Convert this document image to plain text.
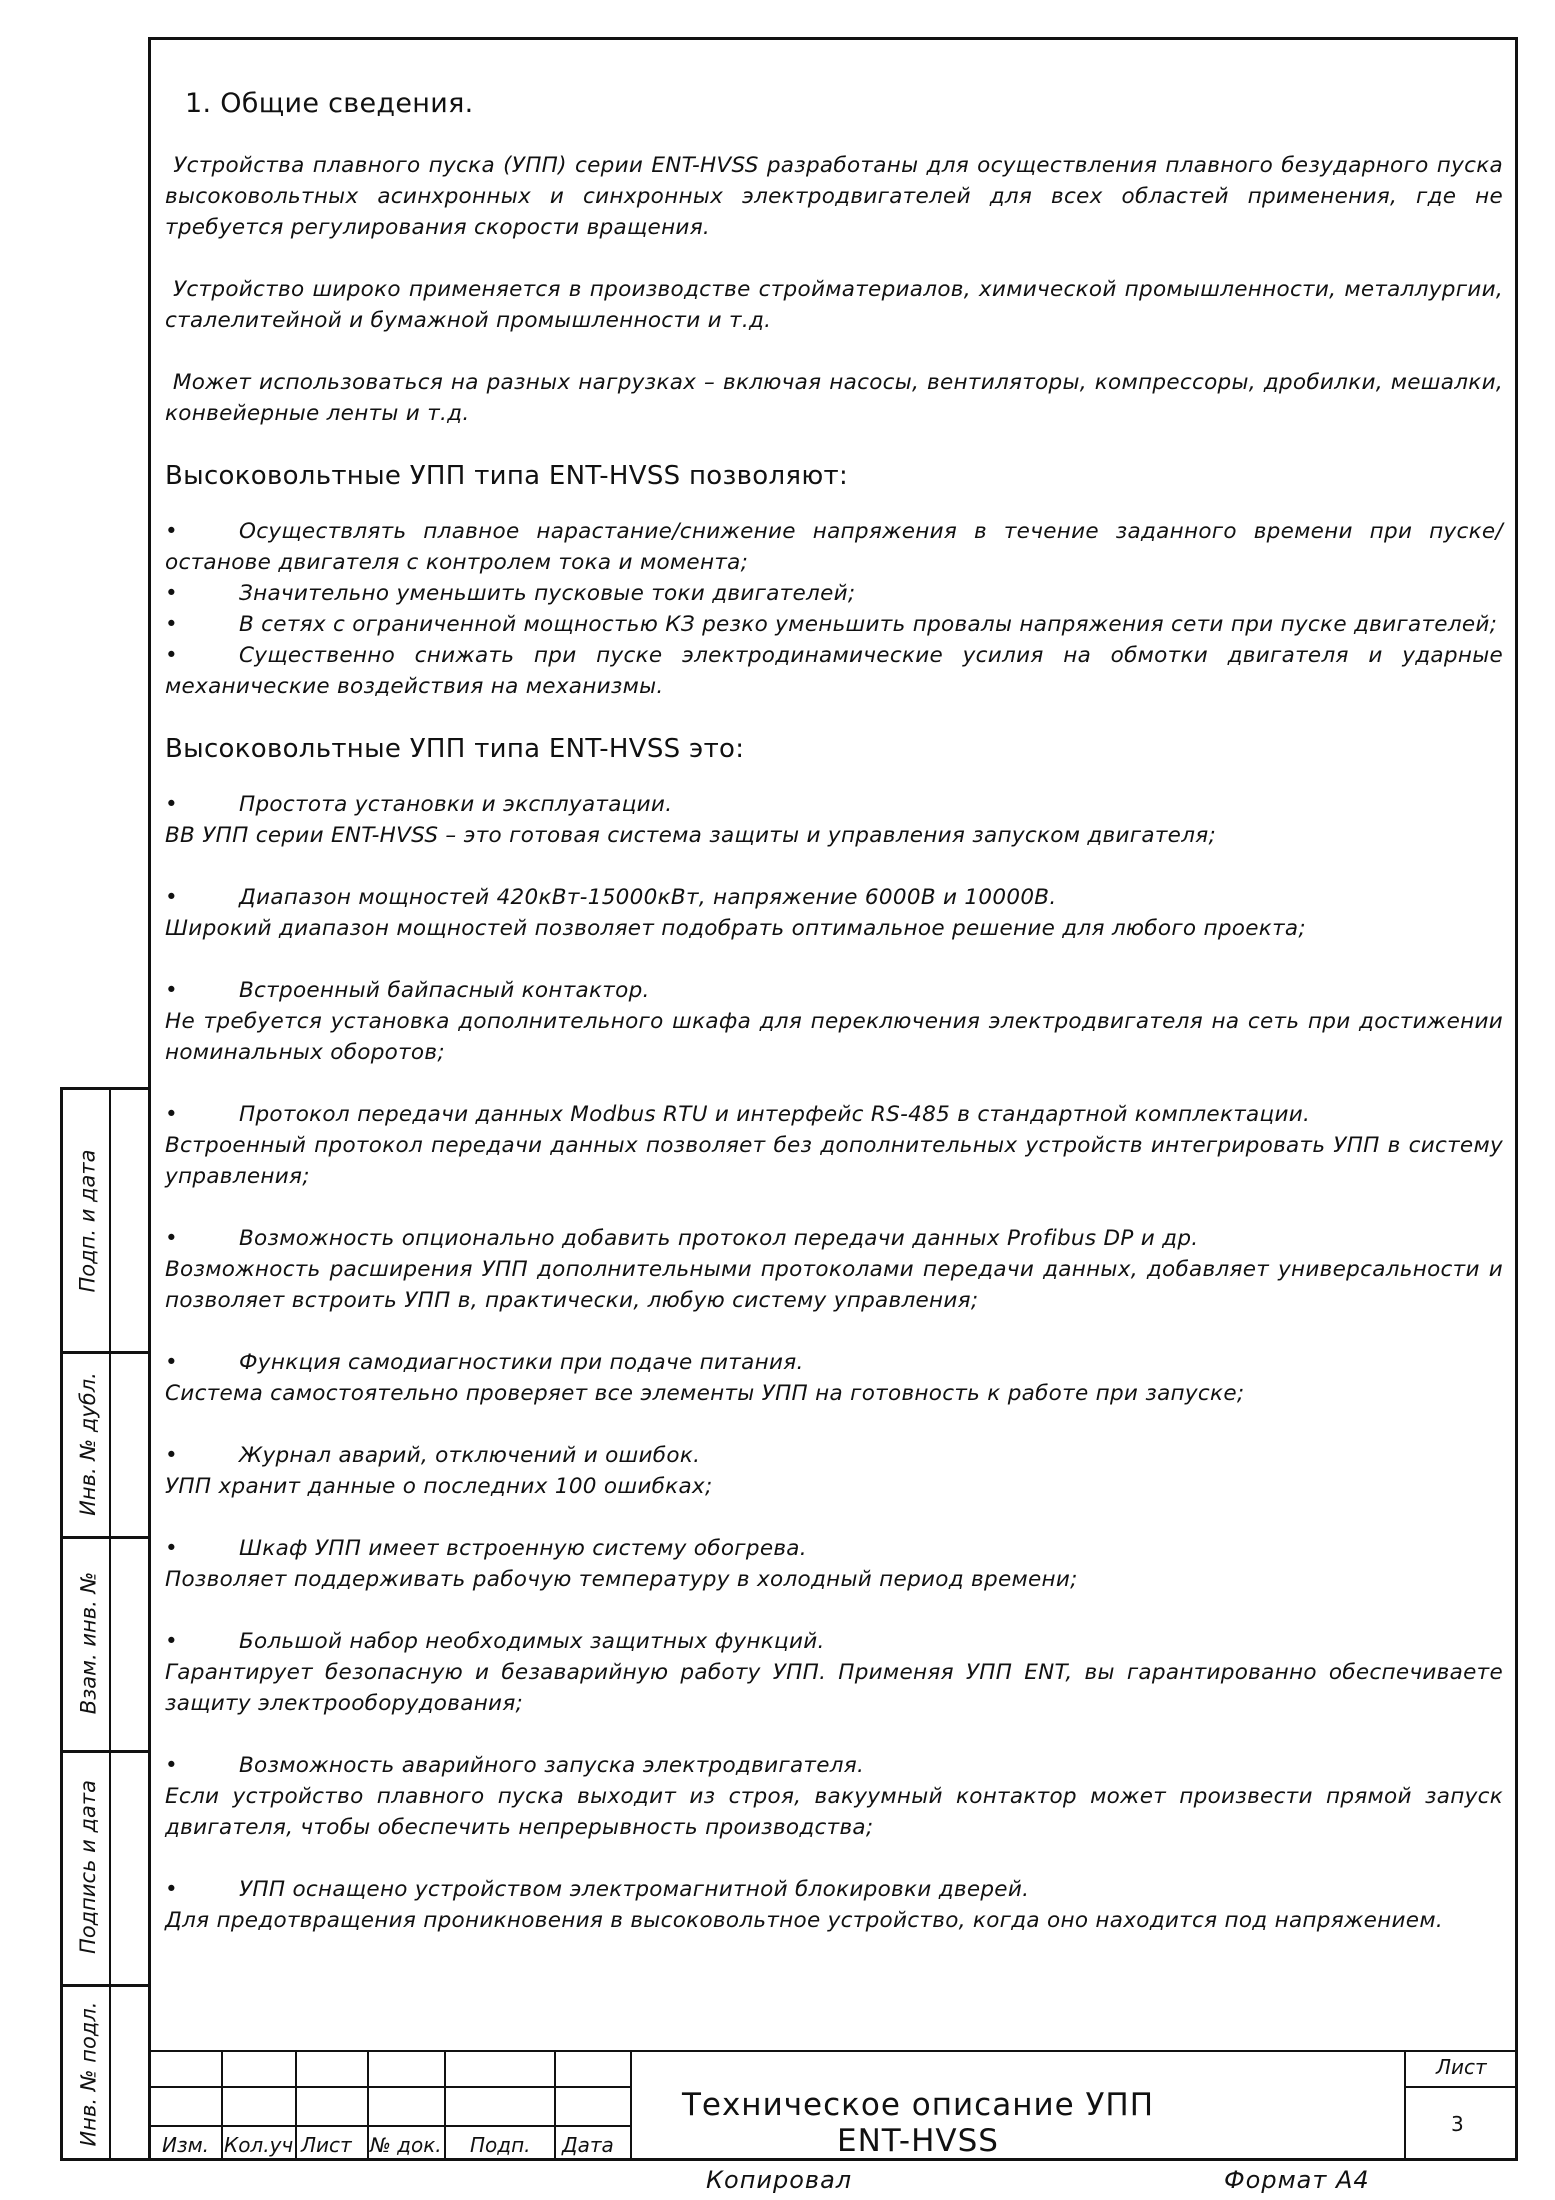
1. Общие сведения.

Устройства плавного пуска (УПП) серии ENT-HVSS разработаны для осуществления плавного безударного пуска высоковольтных асинхронных и синхронных электродвигателей для всех областей применения, где не требуется регулирования скорости вращения.

Устройство широко применяется в производстве стройматериалов, химической промышленности, металлургии, сталелитейной и бумажной промышленности и т.д.

Может использоваться на разных нагрузках – включая насосы, вентиляторы, компрессоры, дробилки, мешалки, конвейерные ленты и т.д.

Высоковольтные УПП типа ENT-HVSS позволяют:

•	Осуществлять плавное нарастание/снижение напряжения в течение заданного времени при пуске/останове двигателя с контролем тока и момента;

•	Значительно уменьшить пусковые токи двигателей;

•	В сетях с ограниченной мощностью КЗ резко уменьшить провалы напряжения сети при пуске двигателей;

•	Существенно снижать при пуске электродинамические усилия на обмотки двигателя и ударные механические воздействия на механизмы.

Высоковольтные УПП типа ENT-HVSS это:

•	Простота установки и эксплуатации.

ВВ УПП серии ENT-HVSS – это готовая система защиты и управления запуском двигателя;

•	Диапазон мощностей 420кВт-15000кВт, напряжение 6000В и 10000В.

Широкий диапазон мощностей позволяет подобрать оптимальное решение для любого проекта;

•	Встроенный байпасный контактор.

Не требуется установка дополнительного шкафа для переключения электродвигателя на сеть при достижении номинальных оборотов;

•	Протокол передачи данных Modbus RTU и интерфейс RS-485 в стандартной комплектации.

Встроенный протокол передачи данных позволяет без дополнительных устройств интегрировать УПП в систему управления;

•	Возможность опционально добавить протокол передачи данных Profibus DP и др.

Возможность расширения УПП дополнительными протоколами передачи данных, добавляет универсальности и позволяет встроить УПП в, практически, любую систему управления;

•	Функция самодиагностики при подаче питания.

Система самостоятельно проверяет все элементы УПП на готовность к работе при запуске;

•	Журнал аварий, отключений и ошибок.

УПП хранит данные о последних 100 ошибках;

•	Шкаф УПП имеет встроенную систему обогрева.

Позволяет поддерживать рабочую температуру в холодный период времени;

•	Большой набор необходимых защитных функций.

Гарантирует безопасную и безаварийную работу УПП. Применяя УПП ENT, вы гарантированно обеспечиваете защиту электрооборудования;

•	Возможность аварийного запуска электродвигателя.

Если устройство плавного пуска выходит из строя, вакуумный контактор может произвести прямой запуск двигателя, чтобы обеспечить непрерывность производства;

•	УПП оснащено устройством электромагнитной блокировки дверей.

Для предотвращения проникновения в высоковольтное устройство, когда оно находится под напряжением.

Подп. и дата
Инв. № дубл.
Взам. инв. №
Подпись и дата
Инв. № подл.	Изм. Кол.уч Лист № док. Подп. Дата
Техническое описание УПП ENT-HVSS
Лист
3
Копировал	Формат А4
